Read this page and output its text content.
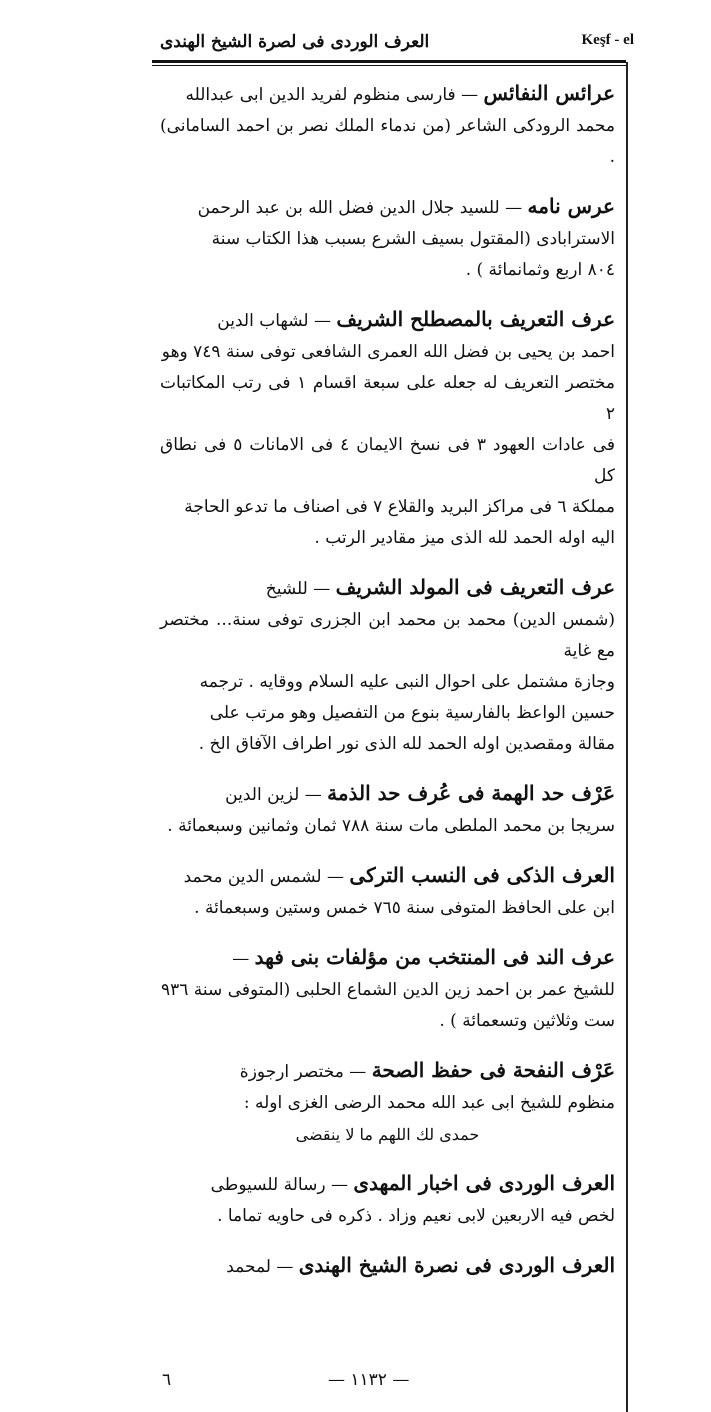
العرف الوردى فى لصرة الشيخ الهندى	Keşf - el

عرائس النفائس — فارسى منظوم لفريد الدين ابى عبدالله

محمد الرودكى الشاعر (من ندماء الملك نصر بن احمد السامانى) .

عرس نامه — للسيد جلال الدين فضل الله بن عبد الرحمن

الاسترابادى (المقتول بسيف الشرع بسبب هذا الكتاب سنة

٨٠٤ اربع وثمانمائة ) .

عرف التعريف بالمصطلح الشريف — لشهاب الدين

احمد بن يحيى بن فضل الله العمرى الشافعى توفى سنة ٧٤٩ وهو

مختصر التعريف له جعله على سبعة اقسام ١ فى رتب المكاتبات ٢

فى عادات العهود ٣ فى نسخ الايمان ٤ فى الامانات ٥ فى نطاق كل

مملكة ٦ فى مراكز البريد والقلاع ٧ فى اصناف ما تدعو الحاجة

اليه اوله الحمد لله الذى ميز مقادير الرتب .

عرف التعريف فى المولد الشريف — للشيخ

(شمس الدين) محمد بن محمد ابن الجزرى توفى سنة... مختصر مع غاية

وجازة مشتمل على احوال النبى عليه السلام ووقايه . ترجمه

حسين الواعظ بالفارسية بنوع من التفصيل وهو مرتب على

مقالة ومقصدين اوله الحمد لله الذى نور اطراف الآفاق الخ .

عَرْف حد الهمة فى عُرف حد الذمة — لزين الدين

سريجا بن محمد الملطى مات سنة ٧٨٨ ثمان وثمانين وسبعمائة .

العرف الذكى فى النسب التركى — لشمس الدين محمد

ابن على الحافظ المتوفى سنة ٧٦٥ خمس وستين وسبعمائة .

عرف الند فى المنتخب من مؤلفات بنى فهد —

للشيخ عمر بن احمد زين الدين الشماع الحلبى (المتوفى سنة ٩٣٦

ست وثلاثين وتسعمائة ) .

عَرْف النفحة فى حفظ الصحة — مختصر ارجوزة

منظوم للشيخ ابى عبد الله محمد الرضى الغزى اوله :

حمدى لك اللهم ما لا ينقضى

العرف الوردى فى اخبار المهدى — رسالة للسيوطى

لخص فيه الاربعين لابى نعيم وزاد . ذكره فى حاويه تماما .

العرف الوردى فى نصرة الشيخ الهندى — لمحمد

— ١١٣٢ —
٦
